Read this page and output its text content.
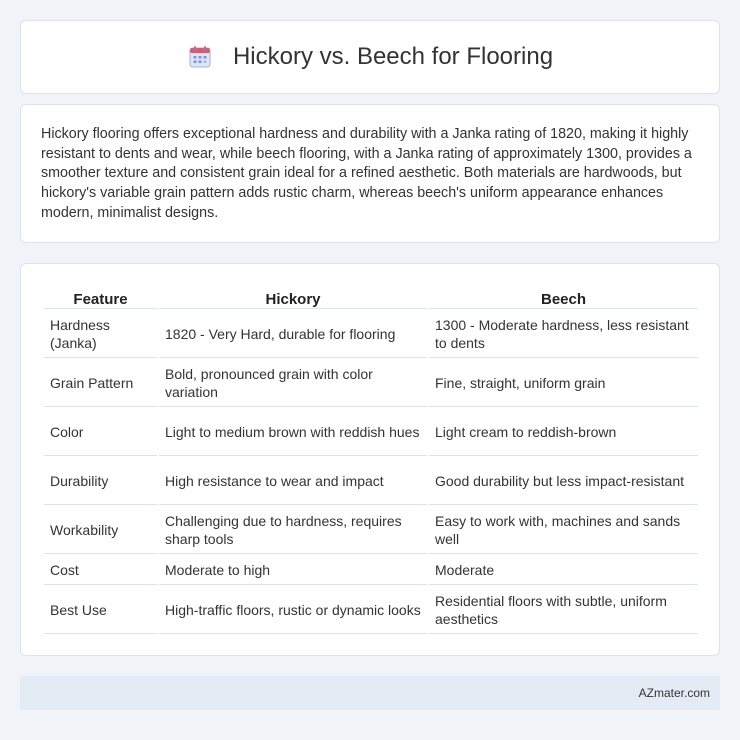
Hickory vs. Beech for Flooring

Hickory flooring offers exceptional hardness and durability with a Janka rating of 1820, making it highly resistant to dents and wear, while beech flooring, with a Janka rating of approximately 1300, provides a smoother texture and consistent grain ideal for a refined aesthetic. Both materials are hardwoods, but hickory's variable grain pattern adds rustic charm, whereas beech's uniform appearance enhances modern, minimalist designs.

Feature	Hickory	Beech
Hardness (Janka)	1820 - Very Hard, durable for flooring	1300 - Moderate hardness, less resistant to dents
Grain Pattern	Bold, pronounced grain with color variation	Fine, straight, uniform grain
Color	Light to medium brown with reddish hues	Light cream to reddish-brown
Durability	High resistance to wear and impact	Good durability but less impact-resistant
Workability	Challenging due to hardness, requires sharp tools	Easy to work with, machines and sands well
Cost	Moderate to high	Moderate
Best Use	High-traffic floors, rustic or dynamic looks	Residential floors with subtle, uniform aesthetics
AZmater.com
